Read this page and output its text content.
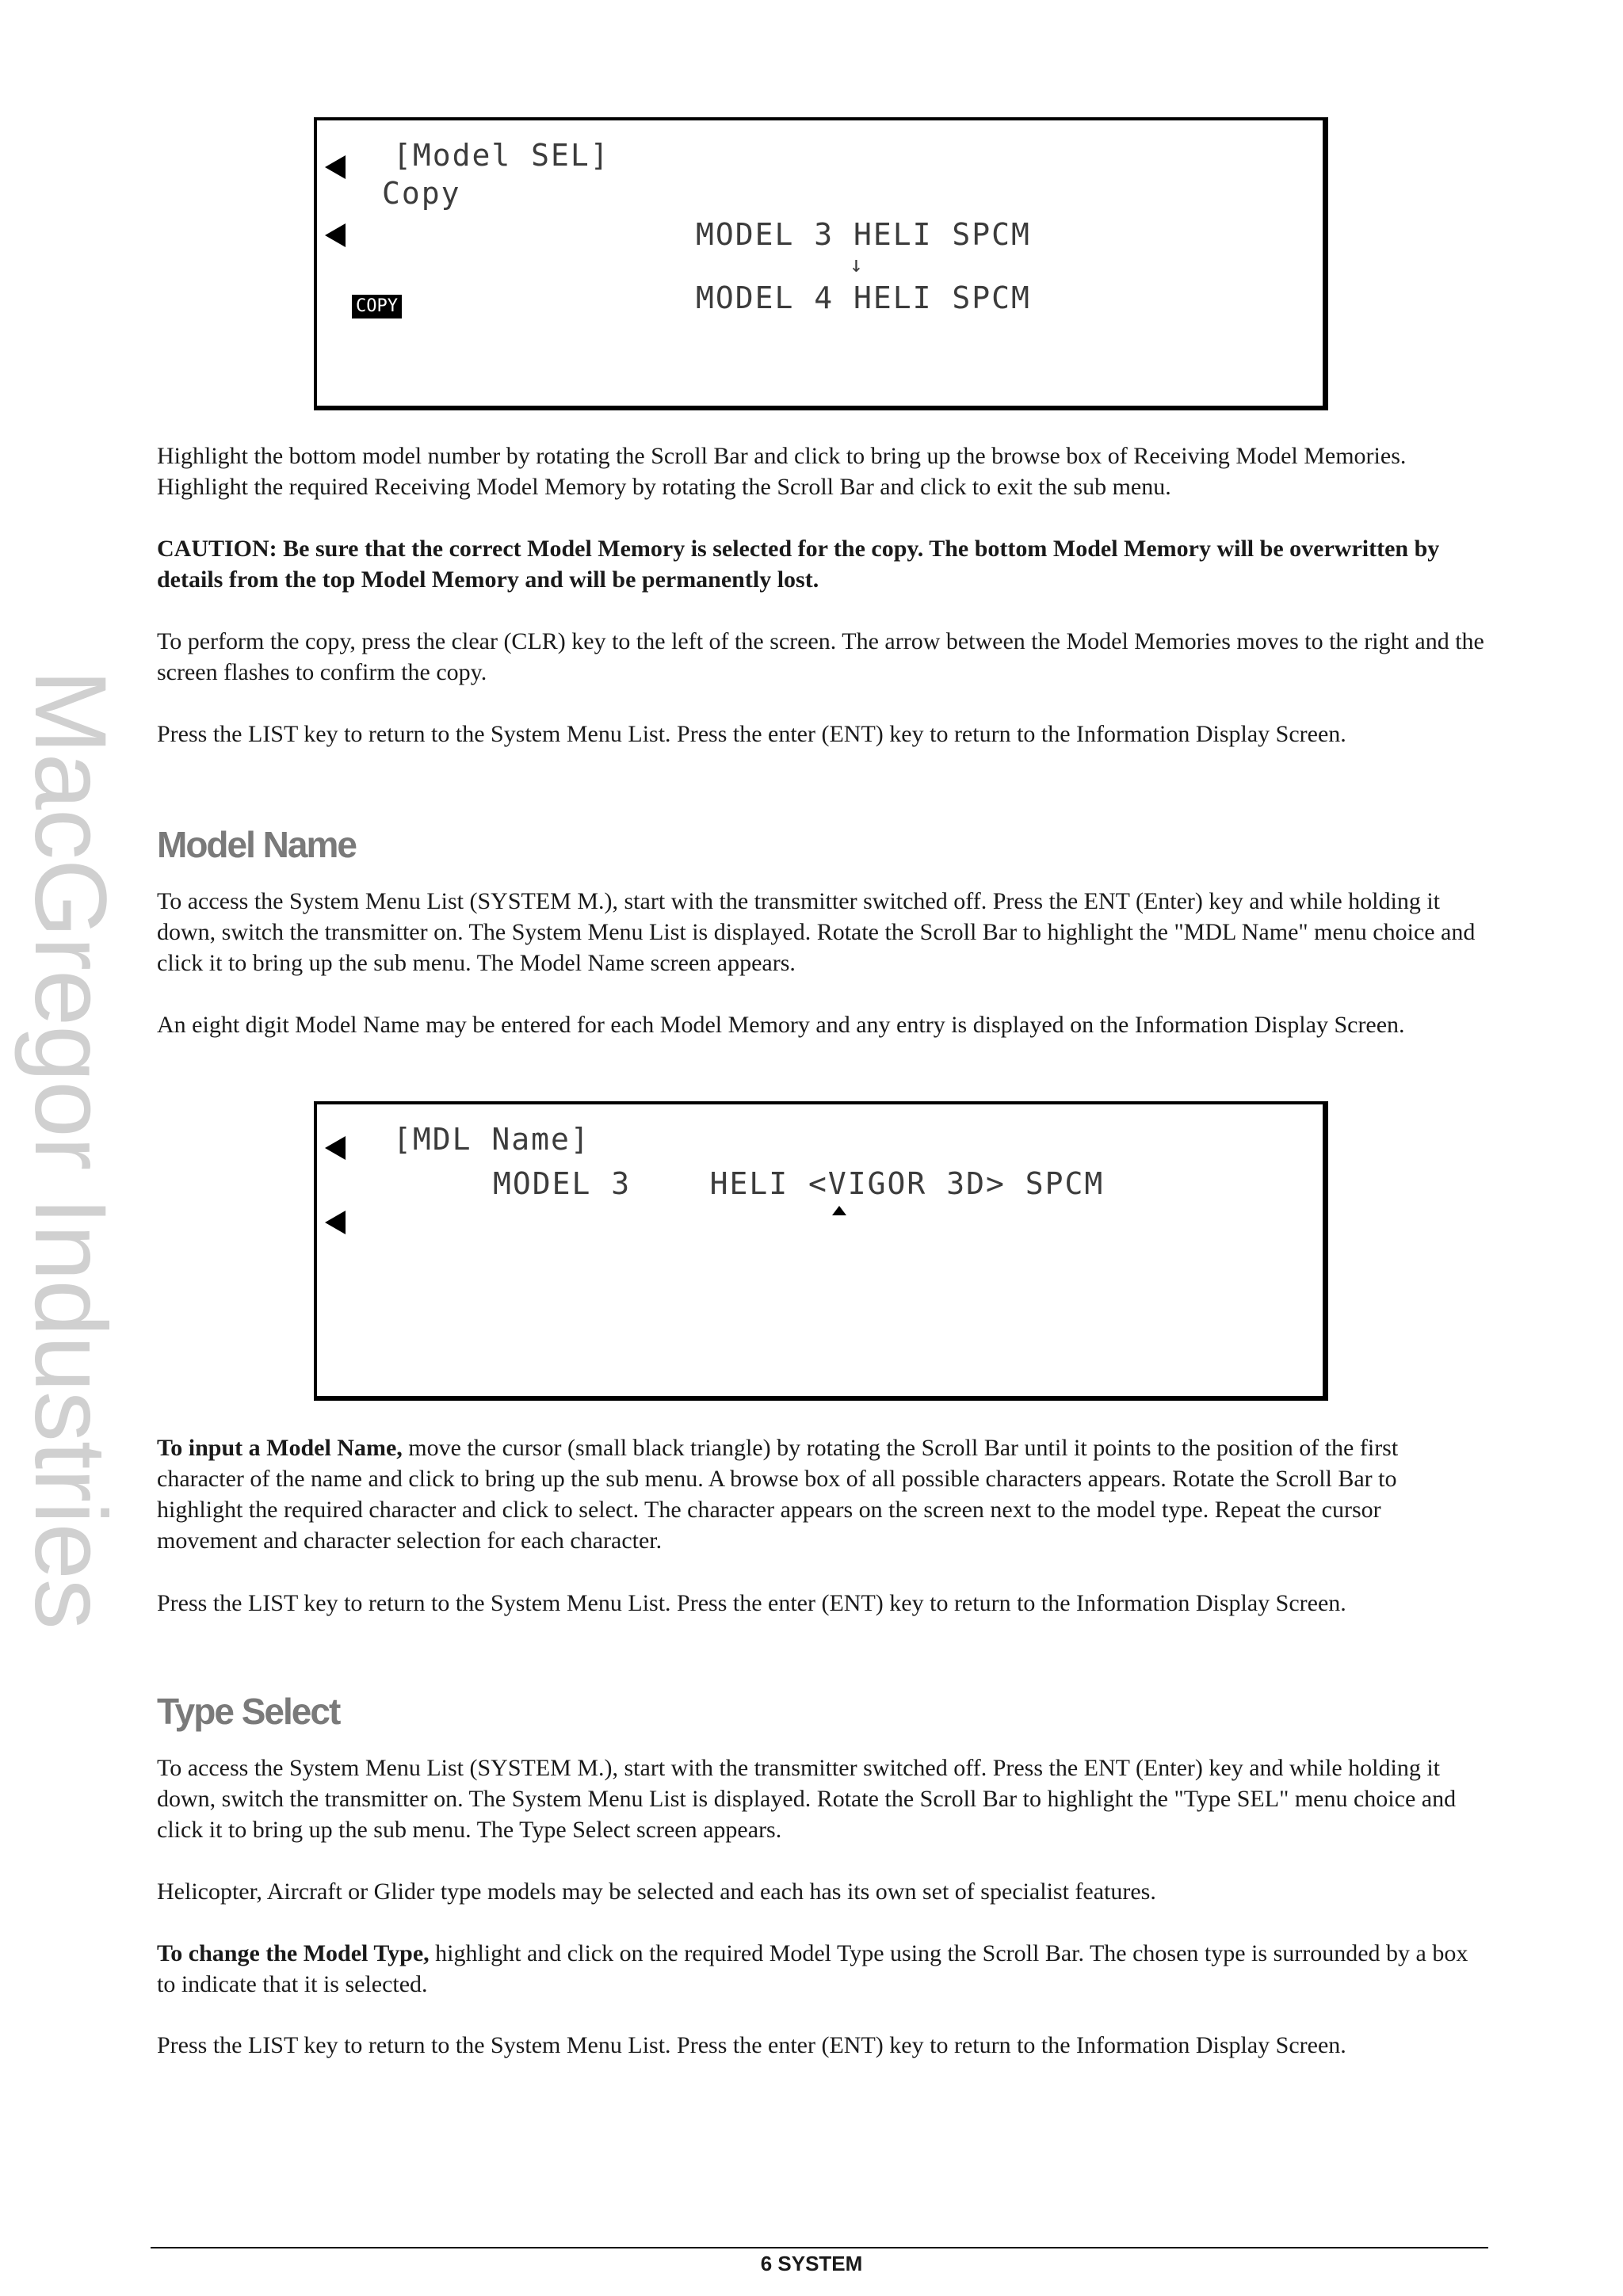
MacGregor Industries
[Model SEL]
Copy
MODEL 3 HELI SPCM
↓
MODEL 4 HELI SPCM
COPY

Highlight the bottom model number by rotating the Scroll Bar and click to bring up the browse box of Receiving Model Memories. Highlight the required Receiving Model Memory by rotating the Scroll Bar and click to exit the sub menu.

CAUTION: Be sure that the correct Model Memory is selected for the copy. The bottom Model Memory will be overwritten by details from the top Model Memory and will be permanently lost.

To perform the copy, press the clear (CLR) key to the left of the screen. The arrow between the Model Memories moves to the right and the screen flashes to confirm the copy.

Press the LIST key to return to the System Menu List. Press the enter (ENT) key to return to the Information Display Screen.

Model Name

To access the System Menu List (SYSTEM M.), start with the transmitter switched off. Press the ENT (Enter) key and while holding it down, switch the transmitter on. The System Menu List is displayed. Rotate the Scroll Bar to highlight the "MDL Name" menu choice and click it to bring up the sub menu. The Model Name screen appears.

An eight digit Model Name may be entered for each Model Memory and any entry is displayed on the Information Display Screen.

[MDL Name]
MODEL 3    HELI <VIGOR 3D> SPCM

To input a Model Name, move the cursor (small black triangle) by rotating the Scroll Bar until it points to the position of the first character of the name and click to bring up the sub menu. A browse box of all possible characters appears. Rotate the Scroll Bar to highlight the required character and click to select. The character appears on the screen next to the model type. Repeat the cursor movement and character selection for each character.

Press the LIST key to return to the System Menu List. Press the enter (ENT) key to return to the Information Display Screen.

Type Select

To access the System Menu List (SYSTEM M.), start with the transmitter switched off. Press the ENT (Enter) key and while holding it down, switch the transmitter on. The System Menu List is displayed. Rotate the Scroll Bar to highlight the "Type SEL" menu choice and click it to bring up the sub menu. The Type Select screen appears.

Helicopter, Aircraft or Glider type models may be selected and each has its own set of specialist features.

To change the Model Type, highlight and click on the required Model Type using the Scroll Bar. The chosen type is surrounded by a box to indicate that it is selected.

Press the LIST key to return to the System Menu List. Press the enter (ENT) key to return to the Information Display Screen.

6 SYSTEM
